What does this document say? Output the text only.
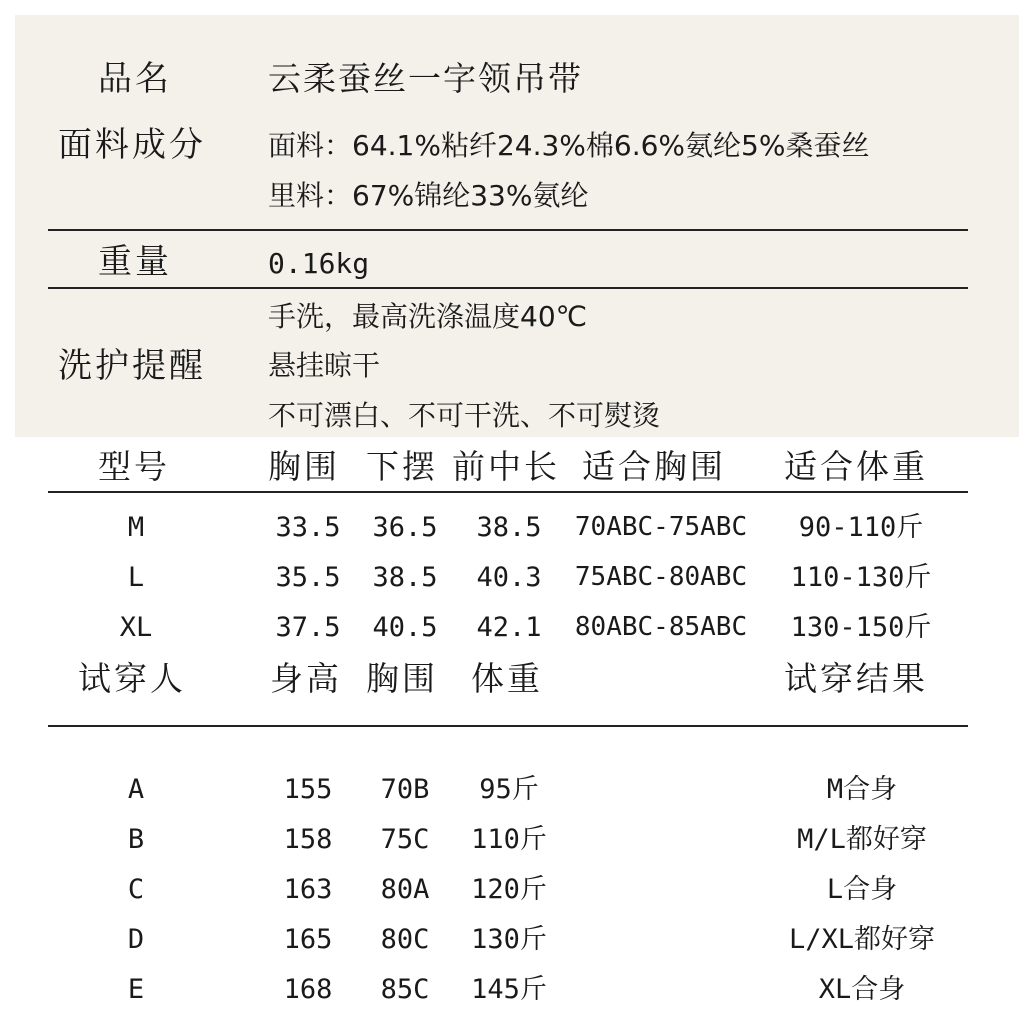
品名	云柔蚕丝一字领吊带
面料成分 面料：64.1%粘纤24.3%棉6.6%氨纶5%桑蚕丝
里料：67%锦纶33%氨纶
重量	0.16kg
洗护提醒
手洗，最高洗涤温度40℃
悬挂晾干
不可漂白、不可干洗、不可熨烫
型号	胸围 下摆 前中长 适合胸围 适合体重
M	33.5 36.5 38.5 70ABC-75ABC 90-110斤
L	35.5 38.5 40.3 75ABC-80ABC 110-130斤
XL	37.5 40.5 42.1 80ABC-85ABC 130-150斤
试穿人	身高 胸围 体重	试穿结果
A	155 70B 95斤	M合身
B	158 75C 110斤	M/L都好穿
C	163 80A 120斤	L合身
D	165 80C 130斤	L/XL都好穿
E	168 85C 145斤	XL合身
